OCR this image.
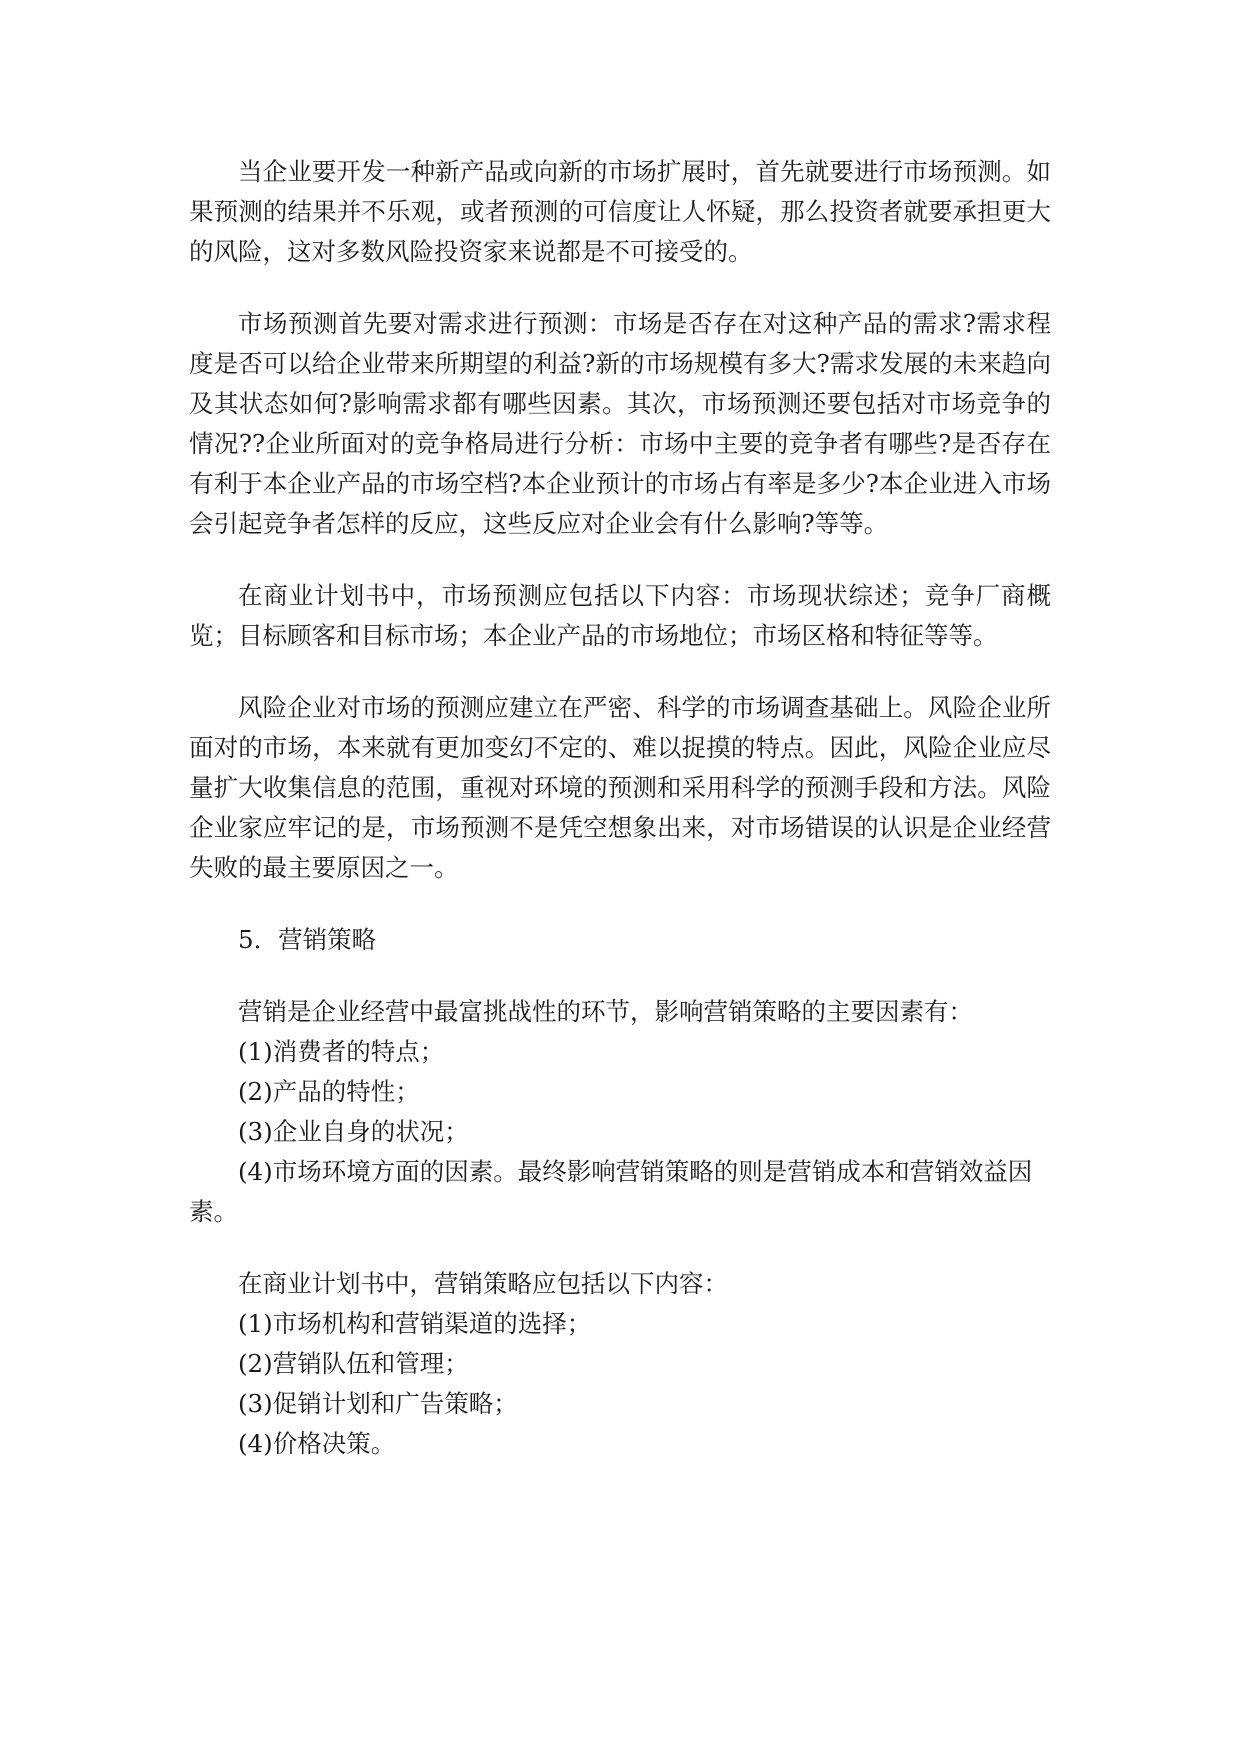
当企业要开发一种新产品或向新的市场扩展时，首先就要进行市场预测。如果预测的结果并不乐观，或者预测的可信度让人怀疑，那么投资者就要承担更大的风险，这对多数风险投资家来说都是不可接受的。

市场预测首先要对需求进行预测：市场是否存在对这种产品的需求?需求程度是否可以给企业带来所期望的利益?新的市场规模有多大?需求发展的未来趋向及其状态如何?影响需求都有哪些因素。其次，市场预测还要包括对市场竞争的情况??企业所面对的竞争格局进行分析：市场中主要的竞争者有哪些?是否存在有利于本企业产品的市场空档?本企业预计的市场占有率是多少?本企业进入市场会引起竞争者怎样的反应，这些反应对企业会有什么影响?等等。

在商业计划书中，市场预测应包括以下内容：市场现状综述；竞争厂商概览；目标顾客和目标市场；本企业产品的市场地位；市场区格和特征等等。

风险企业对市场的预测应建立在严密、科学的市场调查基础上。风险企业所面对的市场，本来就有更加变幻不定的、难以捉摸的特点。因此，风险企业应尽量扩大收集信息的范围，重视对环境的预测和采用科学的预测手段和方法。风险企业家应牢记的是，市场预测不是凭空想象出来，对市场错误的认识是企业经营失败的最主要原因之一。

5．营销策略

营销是企业经营中最富挑战性的环节，影响营销策略的主要因素有：

(1)消费者的特点；

(2)产品的特性；

(3)企业自身的状况；

(4)市场环境方面的因素。最终影响营销策略的则是营销成本和营销效益因

素。

在商业计划书中，营销策略应包括以下内容：

(1)市场机构和营销渠道的选择；

(2)营销队伍和管理；

(3)促销计划和广告策略；

(4)价格决策。
